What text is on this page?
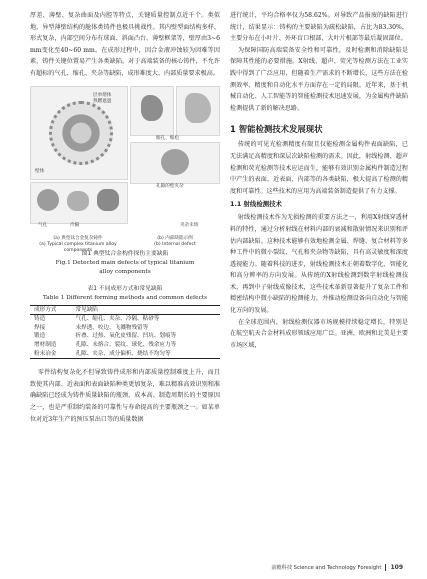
厚差、薄壁、复杂曲面及内腔等特点，关键质量控制点近千个。类似地，异型薄壁结构的舱体类铸件也极具挑战性。其内壁型面结构多样、形式复杂，内部空间分布有球面、斜面凸台、薄壁框架等，壁厚由3~6 mm变化至40~60 mm。在成形过程中，因合金液冲蚀较为因难等因素，铸件关键位置易产生各类缺陷。对于高端装备的核心铸件，不允许有超标的气孔、缩孔、夹杂等缺陷，成形难度大、内部质量要求极高。

层单熔体
熟燃遮遮
壁体
缩孔、缩松
孔隙的壁夹杂
气孔	冷隔	夹杂未熔
(a) 典型钛合金复杂铸件	(b) 内部缺陷示例
(a) Typical complex titanium alloy components
(b) Internal defect
图1 典型钛合金构件探伤主要缺陷
Fig.1 Detected main defects of typical titanium
alloy components
表1 不同成形方式和常见缺陷
Table 1 Different forming methods and common defects
成形方式	常见缺陷
铸造	气孔、缩孔、夹杂、冷隔、粘砂等
焊接	未焊透、咬边、飞溅物残留等
锻造	折叠、过热、氧化皮残留、凹坑、划痕等
增材制造	孔隙、未熔合、裂纹、球化、残余应力等
粉末冶金	孔隙、夹杂、成分偏析、烧结不均匀等

零件结构复杂化不但导致铸件成形和内部质量控制难度上升，而且致使其内部、近表面和表面缺陷种类更加复杂，难以精准高效识别和准确缺陷已经成为铸件质量缺陷的瓶颈、成本高、制造周期长的主要原因之一，也是严重制约装备的可靠性与寿命提高的主要瓶颈之一。如某单位对近3年生产的预压泵出口等的质量数据

进行统计，平均合格率仅为58.62%。对导致产品报废的缺陷进行统计，结果显示：铸构的主要缺陷为疏松缺陷，占比为83.30%，主要分布在小叶片、外环盲口根部、大叶片根部等最后凝固部位。

为保障国防高端装备安全性和可靠性，及时检测和消除缺陷是保障其性能的必要措施。X射线、超声、荧光等检测方法在工业实践中得到了广泛应用，但随着生产需求的不断增长，这些方法在检测效率、精度和自动化水平方面存在一定的局限。近年来，基于机械自动化、人工智能等的智能检测技术迅速发展，为金属构件缺陷检测提供了新的解决思路。

1 智能检测技术发展现状

传统的可见光检测精度有限且仅能检测金属构件表面缺陷，已无法满足高精度和深层次缺陷检测的需求。因此，射线检测、超声检测和荧光检测等技术应运而生，能够有效识别金属构件制造过程中产生的表面、近表面、内部等的各类缺陷，极大提高了检测的精度和可靠性。这些技术的应用为高端装备制造提供了有力支撑。

1.1 射线检测技术

射线检测技术作为无损检测的重要方法之一，利用X射线穿透材料的特性，通过分析射线在材料内部的衰减和散射情况来识别和评估内部缺陷。这种技术能够有效地检测金属、焊缝、复合材料等多种工件中的微小裂纹、气孔和夹杂物等缺陷，具有高灵敏度和深度透视能力。随着科技的进步，射线检测技术正朝着数字化、智能化和高分辨率的方向发展。从传统的X射线检测到数字射线检测技术，再到中子射线成像技术，这些技术革新显著提升了复杂工件和精密结构中微小缺陷的检测能力，并推动检测设备向自动化与智能化方向的发展。

在全球范围内，射线检测仪器市场规模持续稳定增长，特别是在航空航天合金材料成形领域应用广泛。亚洲、欧洲和北美是主要市场区域，

前瞻科技 Science and Technology Foresight	109
